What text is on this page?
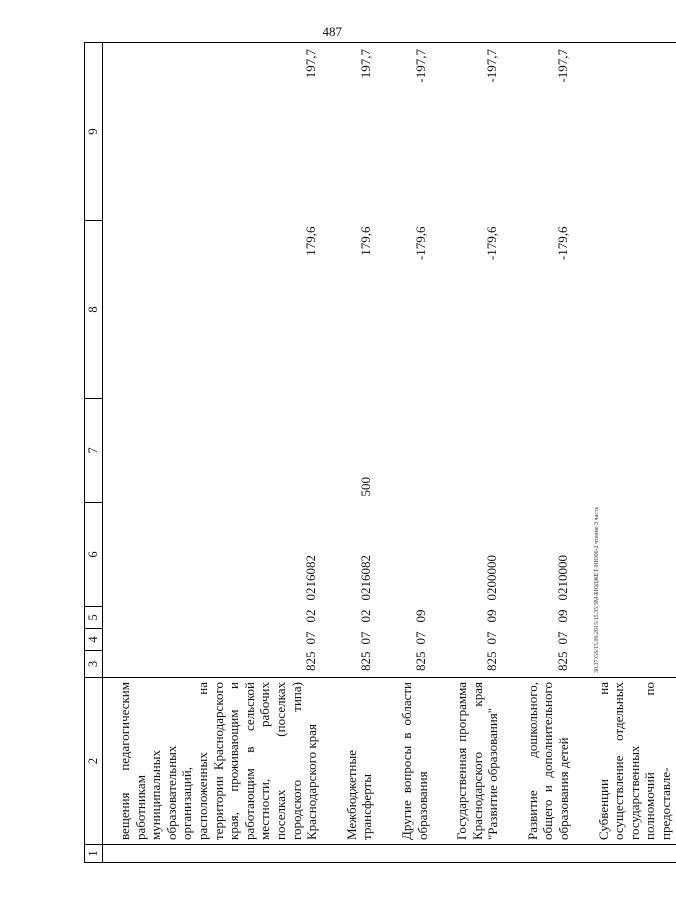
487
30.37.G6/15.06.2015/15.35/ЗМ-БЮДЖЕТ-НЮ06-2 чтение 3 часть
1	2	3	4	5	6	7	8	9

	вещения педагогическим работникам муниципальных образовательных организаций, расположенных на территории Краснодарского края, проживающим и работающим в сельской местности, рабочих поселках (поселках городского типа) Краснодарского края	825	07	02	0216082		179,6	197,7

	Межбюджетные трансферты	825	07	02	0216082	500	179,6	197,7

	Другие вопросы в области образования	825	07	09			-179,6	-197,7

	Государственная программа Краснодарского края "Развитие образования"	825	07	09	0200000		-179,6	-197,7

	Развитие дошкольного, общего и дополнительного образования детей	825	07	09	0210000		-179,6	-197,7

	Субвенции на осуществление отдельных государственных полномочий по предоставле-							
